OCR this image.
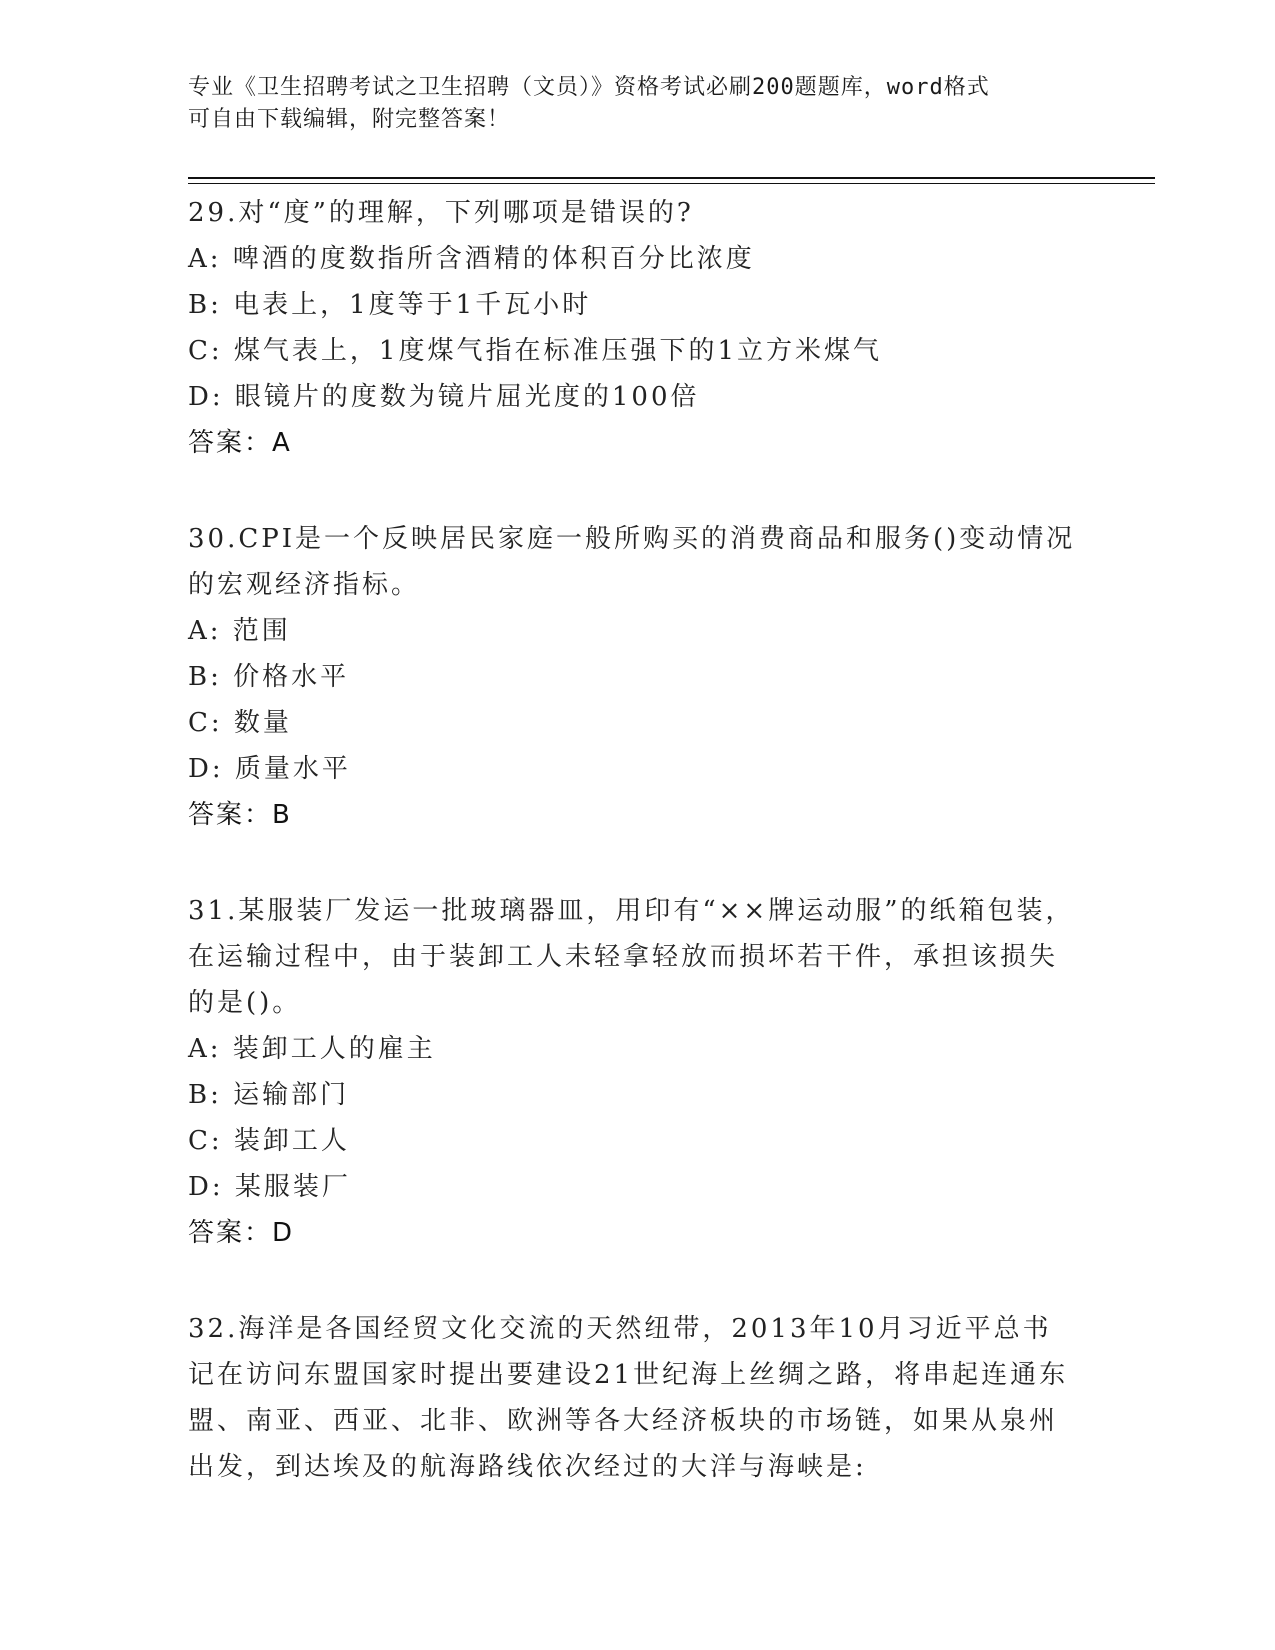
专业《卫生招聘考试之卫生招聘（文员）》资格考试必刷200题题库，word格式
可自由下载编辑，附完整答案！

29.对“度”的理解，下列哪项是错误的?

A: 啤酒的度数指所含酒精的体积百分比浓度

B: 电表上，1度等于1千瓦小时

C: 煤气表上，1度煤气指在标准压强下的1立方米煤气

D: 眼镜片的度数为镜片屈光度的100倍

答案：A

30.CPI是一个反映居民家庭一般所购买的消费商品和服务()变动情况的宏观经济指标。

A: 范围

B: 价格水平

C: 数量

D: 质量水平

答案：B

31.某服装厂发运一批玻璃器皿，用印有“××牌运动服”的纸箱包装，在运输过程中，由于装卸工人未轻拿轻放而损坏若干件，承担该损失的是()。

A: 装卸工人的雇主

B: 运输部门

C: 装卸工人

D: 某服装厂

答案：D

32.海洋是各国经贸文化交流的天然纽带，2013年10月习近平总书记在访问东盟国家时提出要建设21世纪海上丝绸之路，将串起连通东盟、南亚、西亚、北非、欧洲等各大经济板块的市场链，如果从泉州出发，到达埃及的航海路线依次经过的大洋与海峡是:
